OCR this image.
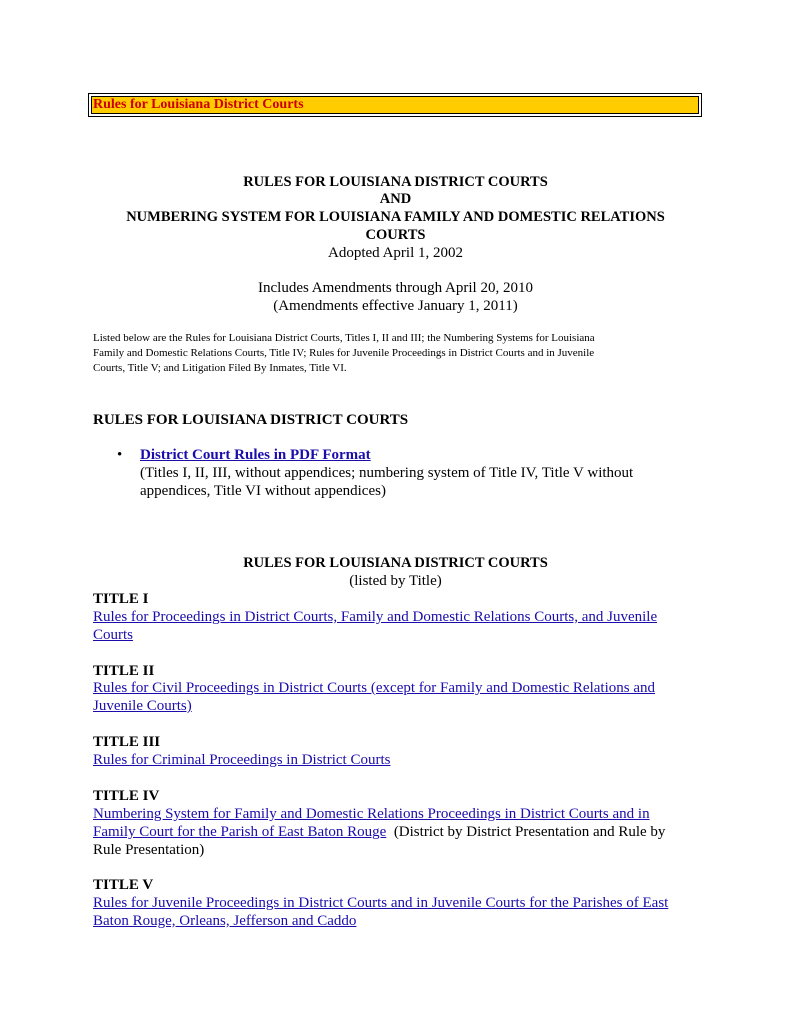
Rules for Louisiana District Courts
RULES FOR LOUISIANA DISTRICT COURTS
AND
NUMBERING SYSTEM FOR LOUISIANA FAMILY AND DOMESTIC RELATIONS
COURTS
Adopted April 1, 2002
Includes Amendments through April 20, 2010
(Amendments effective January 1, 2011)
Listed below are the Rules for Louisiana District Courts, Titles I, II and III; the Numbering Systems for Louisiana
Family and Domestic Relations Courts, Title IV; Rules for Juvenile Proceedings in District Courts and in Juvenile
Courts, Title V; and Litigation Filed By Inmates, Title VI.
RULES FOR LOUISIANA DISTRICT COURTS
• District Court Rules in PDF Format
(Titles I, II, III, without appendices; numbering system of Title IV, Title V without
appendices, Title VI without appendices)
RULES FOR LOUISIANA DISTRICT COURTS
(listed by Title)
TITLE I
Rules for Proceedings in District Courts, Family and Domestic Relations Courts, and Juvenile
Courts
TITLE II
Rules for Civil Proceedings in District Courts (except for Family and Domestic Relations and
Juvenile Courts)
TITLE III
Rules for Criminal Proceedings in District Courts
TITLE IV
Numbering System for Family and Domestic Relations Proceedings in District Courts and in
Family Court for the Parish of East Baton Rouge (District by District Presentation and Rule by
Rule Presentation)
TITLE V
Rules for Juvenile Proceedings in District Courts and in Juvenile Courts for the Parishes of East
Baton Rouge, Orleans, Jefferson and Caddo
